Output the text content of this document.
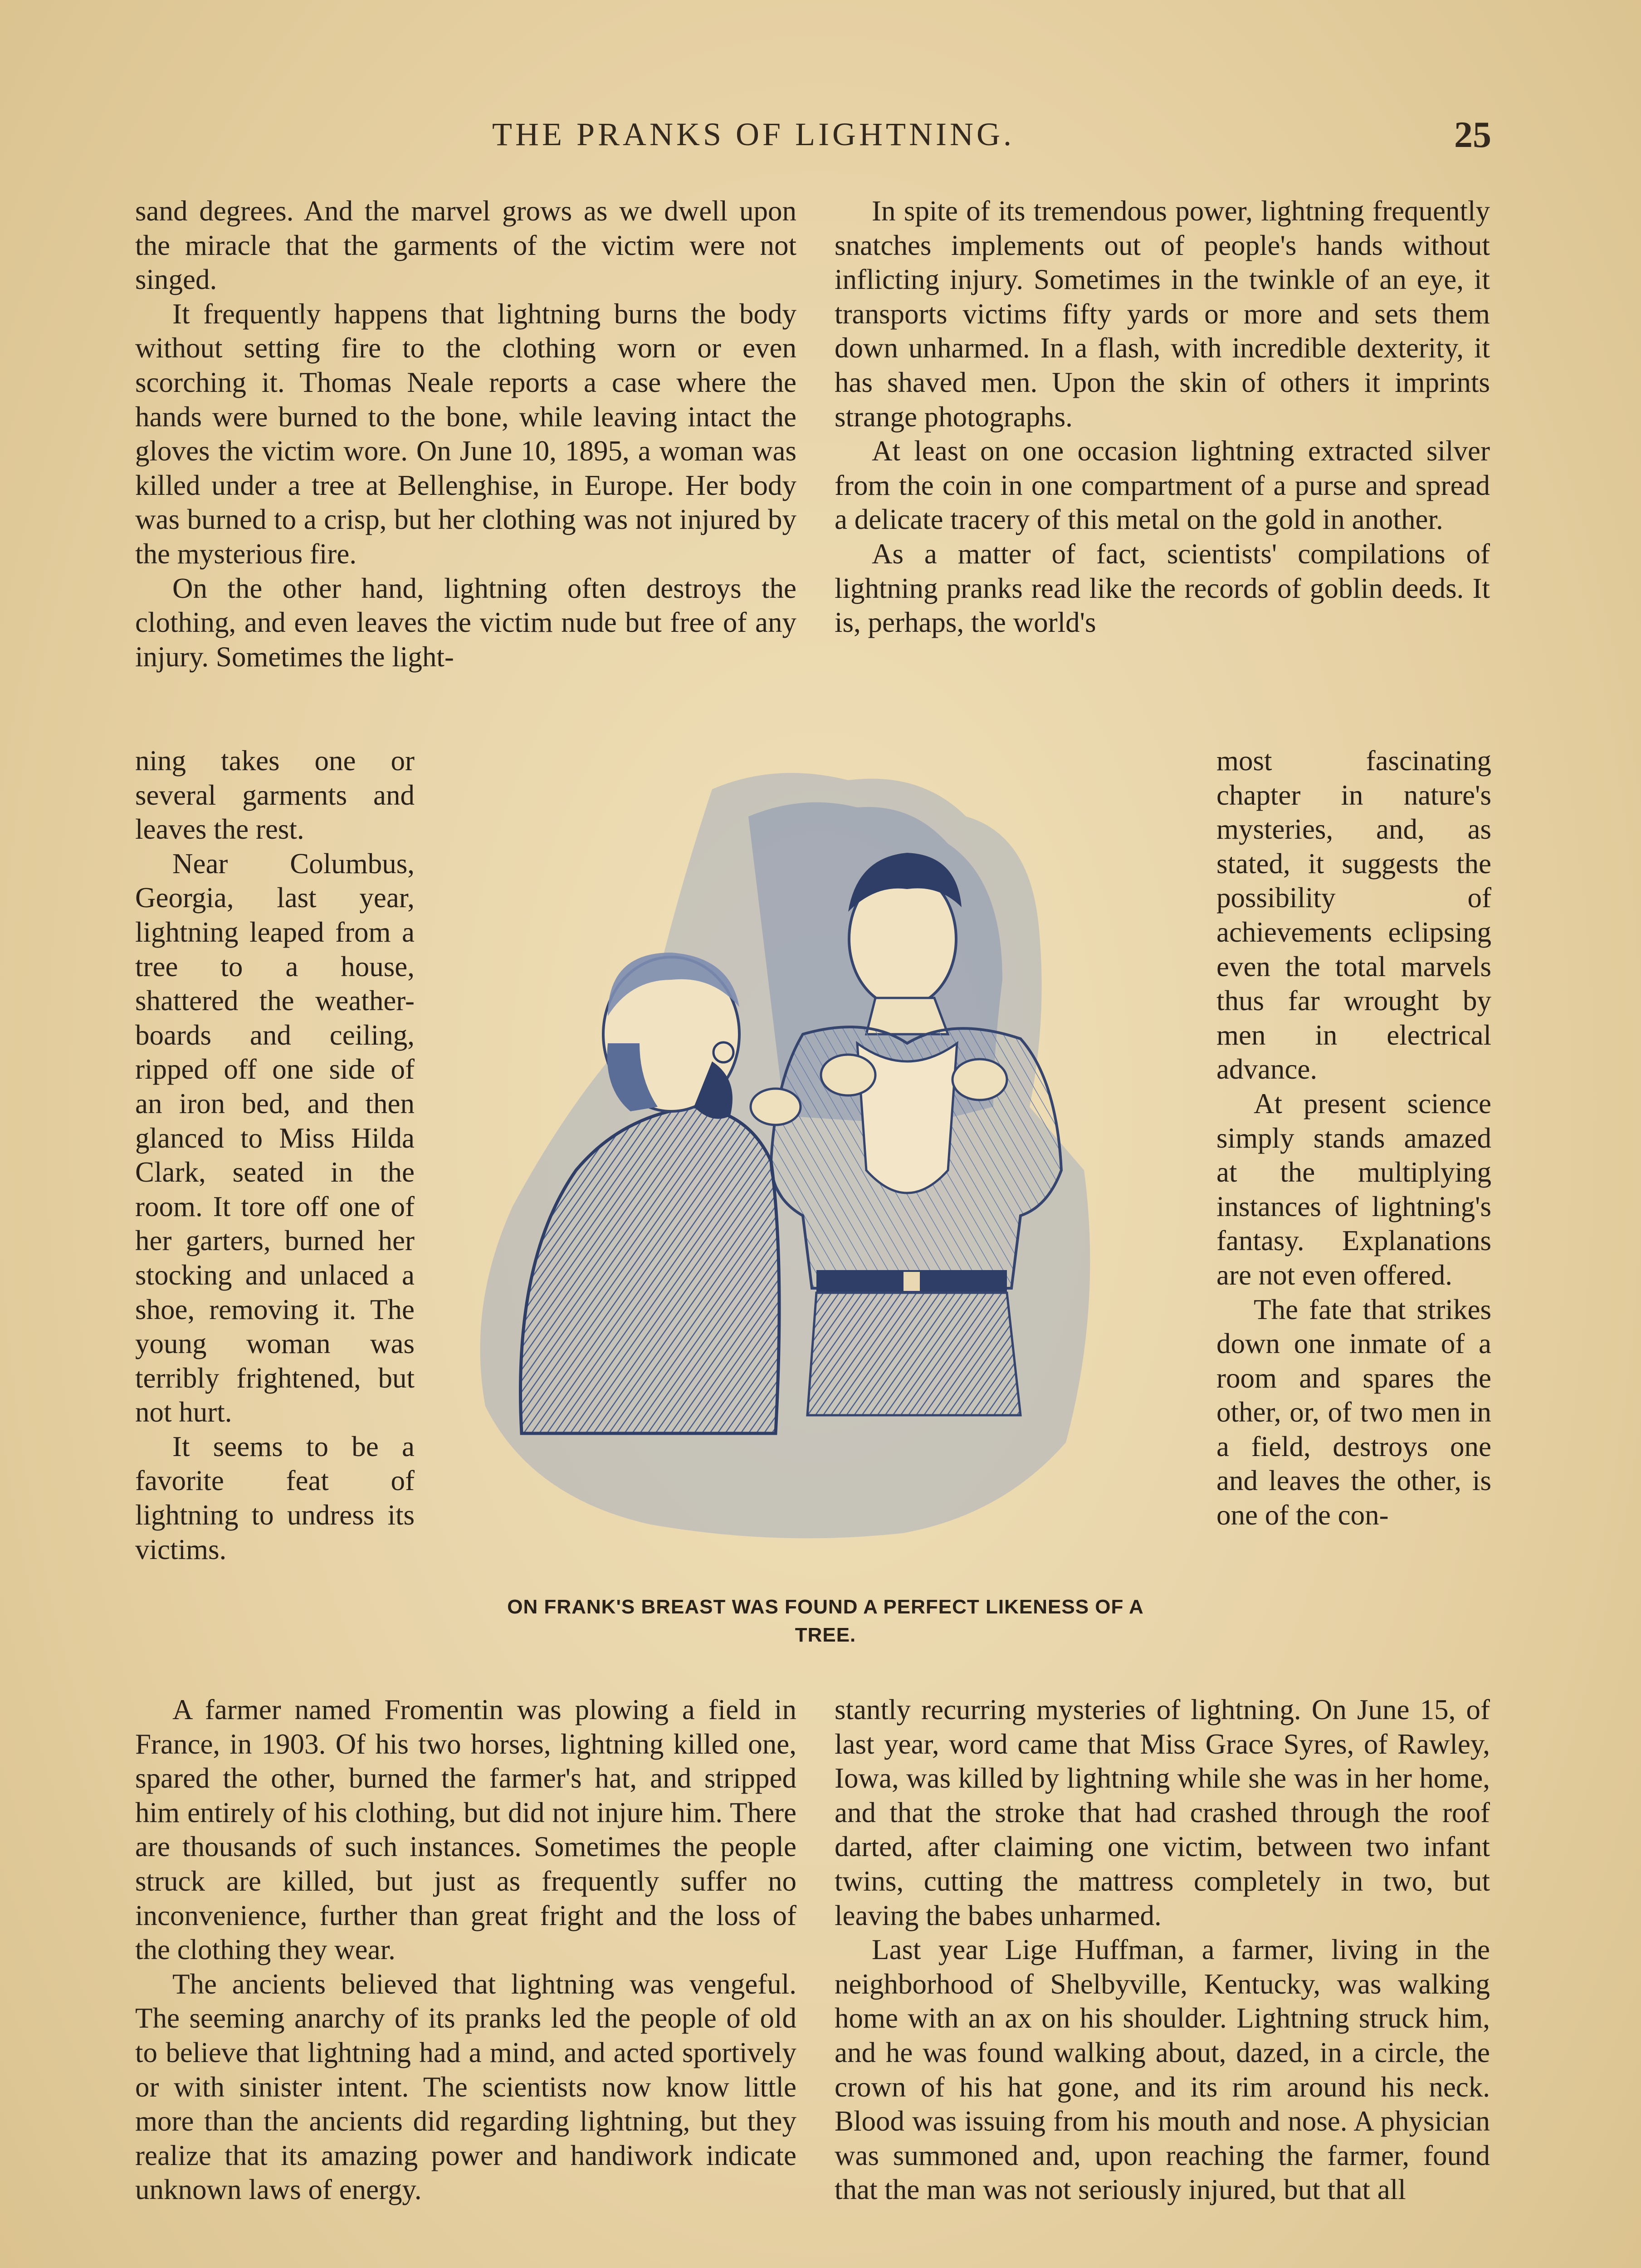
THE PRANKS OF LIGHTNING.	25

sand degrees. And the marvel grows as we dwell upon the miracle that the garments of the victim were not singed.

It frequently happens that lightning burns the body without setting fire to the clothing worn or even scorching it. Thomas Neale reports a case where the hands were burned to the bone, while leaving intact the gloves the victim wore. On June 10, 1895, a woman was killed under a tree at Bellenghise, in Europe. Her body was burned to a crisp, but her clothing was not injured by the mysterious fire.

On the other hand, lightning often destroys the clothing, and even leaves the victim nude but free of any injury. Sometimes the light-

ning takes one or several garments and leaves the rest.

Near Columbus, Georgia, last year, lightning leaped from a tree to a house, shattered the weather-boards and ceiling, ripped off one side of an iron bed, and then glanced to Miss Hilda Clark, seated in the room. It tore off one of her garters, burned her stocking and unlaced a shoe, removing it. The young woman was terribly frightened, but not hurt.

It seems to be a favorite feat of lightning to undress its victims.

A farmer named Fromentin was plowing a field in France, in 1903. Of his two horses, lightning killed one, spared the other, burned the farmer's hat, and stripped him entirely of his clothing, but did not injure him. There are thousands of such instances. Sometimes the people struck are killed, but just as frequently suffer no inconvenience, further than great fright and the loss of the clothing they wear.

The ancients believed that lightning was vengeful. The seeming anarchy of its pranks led the people of old to believe that lightning had a mind, and acted sportively or with sinister intent. The scientists now know little more than the ancients did regarding lightning, but they realize that its amazing power and handiwork indicate unknown laws of energy.

In spite of its tremendous power, lightning frequently snatches implements out of people's hands without inflicting injury. Sometimes in the twinkle of an eye, it transports victims fifty yards or more and sets them down unharmed. In a flash, with incredible dexterity, it has shaved men. Upon the skin of others it imprints strange photographs.

At least on one occasion lightning extracted silver from the coin in one compartment of a purse and spread a delicate tracery of this metal on the gold in another.

As a matter of fact, scientists' compilations of lightning pranks read like the records of goblin deeds. It is, perhaps, the world's

most fascinating chapter in nature's mysteries, and, as stated, it suggests the possibility of achievements eclipsing even the total marvels thus far wrought by men in electrical advance.

At present science simply stands amazed at the multiplying instances of lightning's fantasy. Explanations are not even offered.

The fate that strikes down one inmate of a room and spares the other, or, of two men in a field, destroys one and leaves the other, is one of the con-

stantly recurring mysteries of lightning. On June 15, of last year, word came that Miss Grace Syres, of Rawley, Iowa, was killed by lightning while she was in her home, and that the stroke that had crashed through the roof darted, after claiming one victim, between two infant twins, cutting the mattress completely in two, but leaving the babes unharmed.

Last year Lige Huffman, a farmer, living in the neighborhood of Shelbyville, Kentucky, was walking home with an ax on his shoulder. Lightning struck him, and he was found walking about, dazed, in a circle, the crown of his hat gone, and its rim around his neck. Blood was issuing from his mouth and nose. A physician was summoned and, upon reaching the farmer, found that the man was not seriously injured, but that all

ON FRANK'S BREAST WAS FOUND A PERFECT LIKENESS OF A TREE.
